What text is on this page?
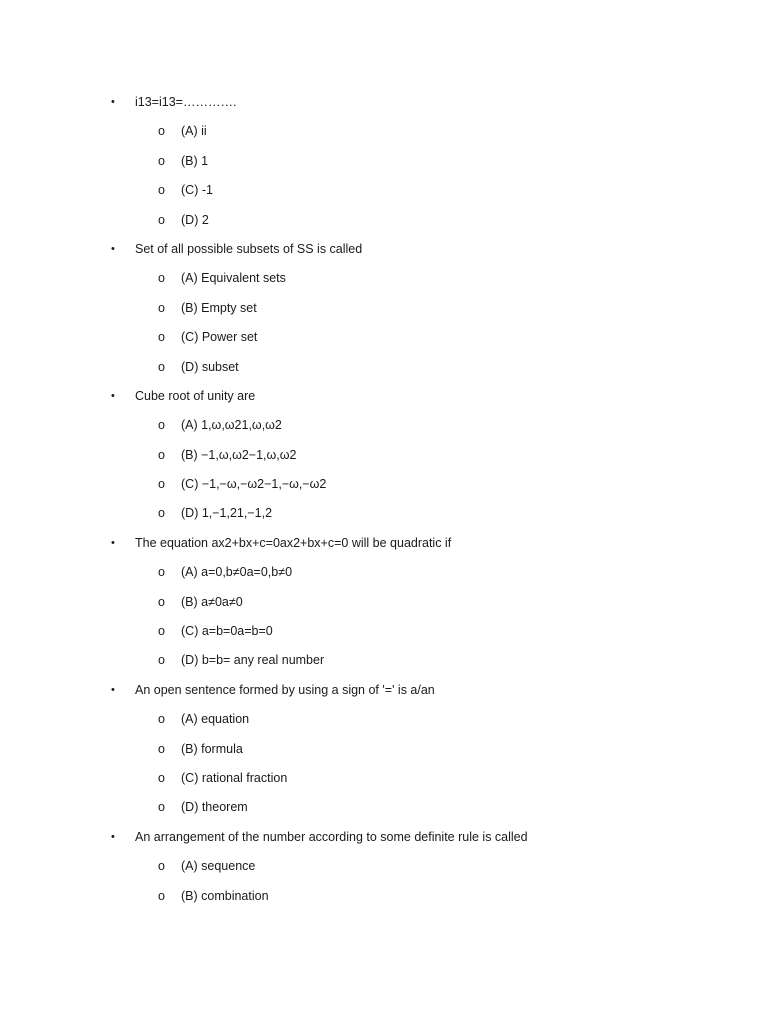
• i13=i13=………….
o (A) ii
o (B) 1
o (C) -1
o (D) 2
• Set of all possible subsets of SS is called
o (A) Equivalent sets
o (B) Empty set
o (C) Power set
o (D) subset
• Cube root of unity are
o (A) 1,ω,ω21,ω,ω2
o (B) −1,ω,ω2−1,ω,ω2
o (C) −1,−ω,−ω2−1,−ω,−ω2
o (D) 1,−1,21,−1,2
• The equation ax2+bx+c=0ax2+bx+c=0 will be quadratic if
o (A) a=0,b≠0a=0,b≠0
o (B) a≠0a≠0
o (C) a=b=0a=b=0
o (D) b=b= any real number
• An open sentence formed by using a sign of '=' is a/an
o (A) equation
o (B) formula
o (C) rational fraction
o (D) theorem
• An arrangement of the number according to some definite rule is called
o (A) sequence
o (B) combination
